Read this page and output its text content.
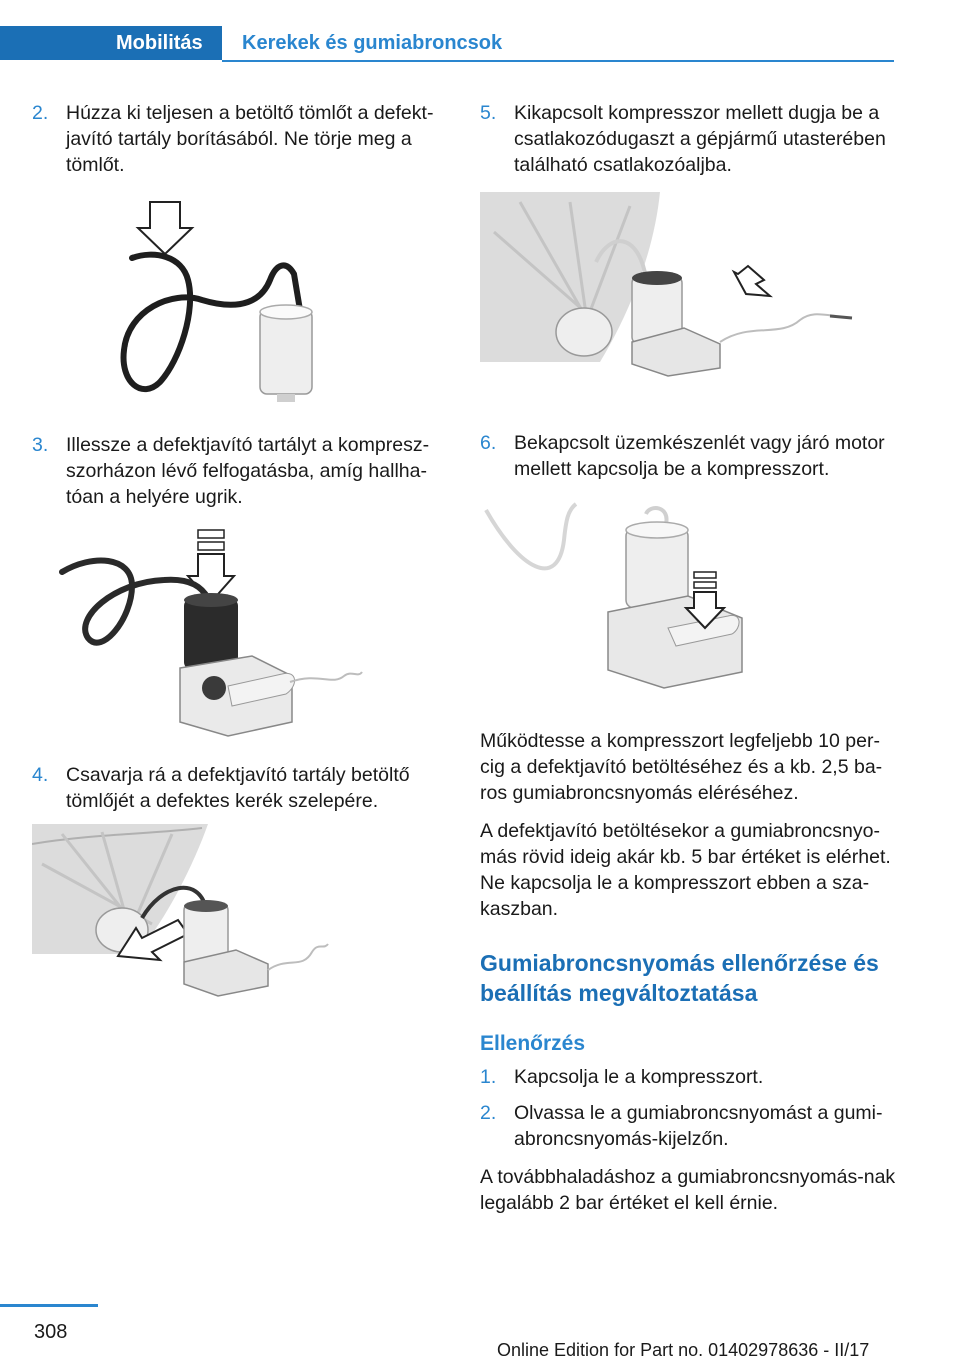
Mobilitás	Kerekek és gumiabroncsok
2. Húzza ki teljesen a betöltő tömlőt a defekt‐javító tartály borításából. Ne törje meg a tömlőt.
3. Illessze a defektjavító tartályt a kompresz‐szorházon lévő felfogatásba, amíg hallha‐tóan a helyére ugrik.
4. Csavarja rá a defektjavító tartály betöltő tömlőjét a defektes kerék szelepére.
5. Kikapcsolt kompresszor mellett dugja be a csatlakozódugaszt a gépjármű utasterében található csatlakozóaljba.
6. Bekapcsolt üzemkészenlét vagy járó motor mellett kapcsolja be a kompresszort.

Működtesse a kompresszort legfeljebb 10 per‐cig a defektjavító betöltéséhez és a kb. 2,5 ba‐ros gumiabroncsnyomás eléréséhez.

A defektjavító betöltésekor a gumiabroncsnyo‐más rövid ideig akár kb. 5 bar értéket is elérhet. Ne kapcsolja le a kompresszort ebben a sza‐kaszban.

Gumiabroncsnyomás ellenőrzése és beállítás megváltoztatása
Ellenőrzés
1. Kapcsolja le a kompresszort.
2. Olvassa le a gumiabroncsnyomást a gumi‐abroncsnyomás-kijelzőn.

A továbbhaladáshoz a gumiabroncsnyomás‐nak legalább 2 bar értéket el kell érnie.

308
Online Edition for Part no. 01402978636 - II/17
